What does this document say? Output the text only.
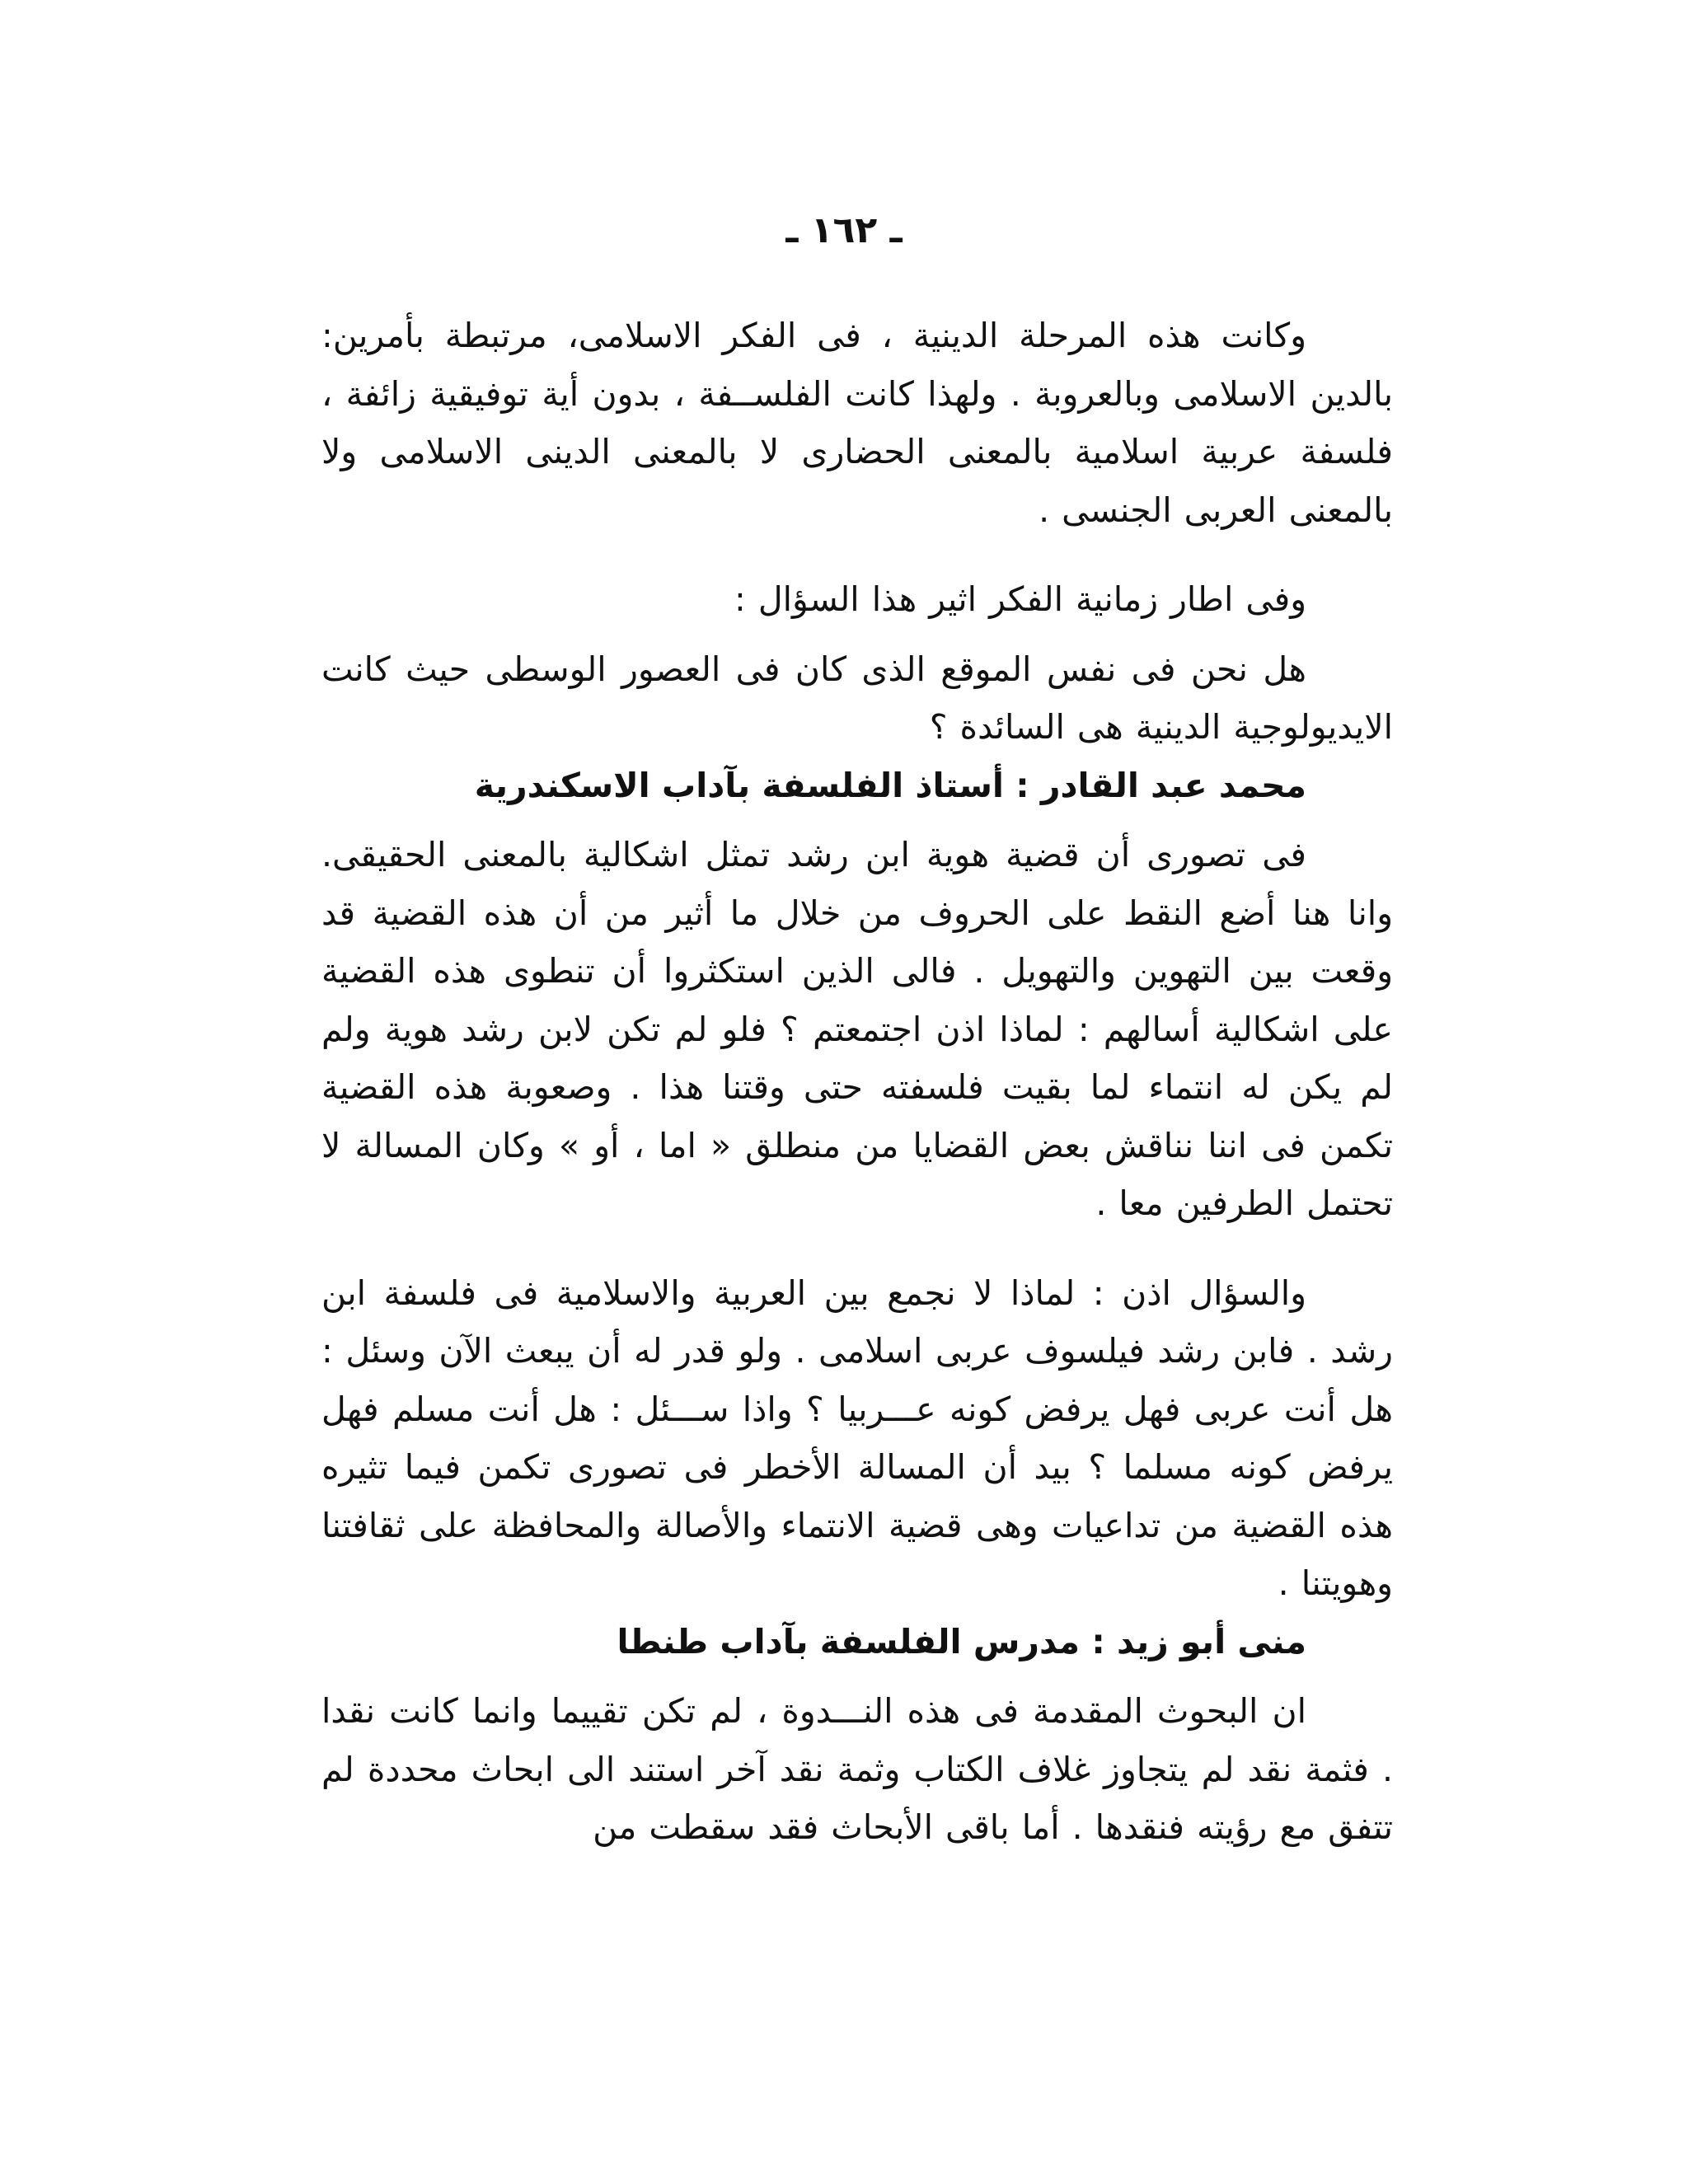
ـ ١٦٢ ـ

وكانت هذه المرحلة الدينية ، فى الفكر الاسلامى، مرتبطة بأمرين: بالدين الاسلامى وبالعروبة . ولهذا كانت الفلســفة ، بدون أية توفيقية زائفة ، فلسفة عربية اسلامية بالمعنى الحضارى لا بالمعنى الدينى الاسلامى ولا بالمعنى العربى الجنسى .

وفى اطار زمانية الفكر اثير هذا السؤال :

هل نحن فى نفس الموقع الذى كان فى العصور الوسطى حيث كانت الايديولوجية الدينية هى السائدة ؟

محمد عبد القادر : أستاذ الفلسفة بآداب الاسكندرية

فى تصورى أن قضية هوية ابن رشد تمثل اشكالية بالمعنى الحقيقى. وانا هنا أضع النقط على الحروف من خلال ما أثير من أن هذه القضية قد وقعت بين التهوين والتهويل . فالى الذين استكثروا أن تنطوى هذه القضية على اشكالية أسالهم : لماذا اذن اجتمعتم ؟ فلو لم تكن لابن رشد هوية ولم لم يكن له انتماء لما بقيت فلسفته حتى وقتنا هذا . وصعوبة هذه القضية تكمن فى اننا نناقش بعض القضايا من منطلق « اما ، أو » وكان المسالة لا تحتمل الطرفين معا .

والسؤال اذن : لماذا لا نجمع بين العربية والاسلامية فى فلسفة ابن رشد . فابن رشد فيلسوف عربى اسلامى . ولو قدر له أن يبعث الآن وسئل : هل أنت عربى فهل يرفض كونه عـــربيا ؟ واذا ســـئل : هل أنت مسلم فهل يرفض كونه مسلما ؟ بيد أن المسالة الأخطر فى تصورى تكمن فيما تثيره هذه القضية من تداعيات وهى قضية الانتماء والأصالة والمحافظة على ثقافتنا وهويتنا .

منى أبو زيد : مدرس الفلسفة بآداب طنطا

ان البحوث المقدمة فى هذه النـــدوة ، لم تكن تقييما وانما كانت نقدا . فثمة نقد لم يتجاوز غلاف الكتاب وثمة نقد آخر استند الى ابحاث محددة لم تتفق مع رؤيته فنقدها . أما باقى الأبحاث فقد سقطت من
